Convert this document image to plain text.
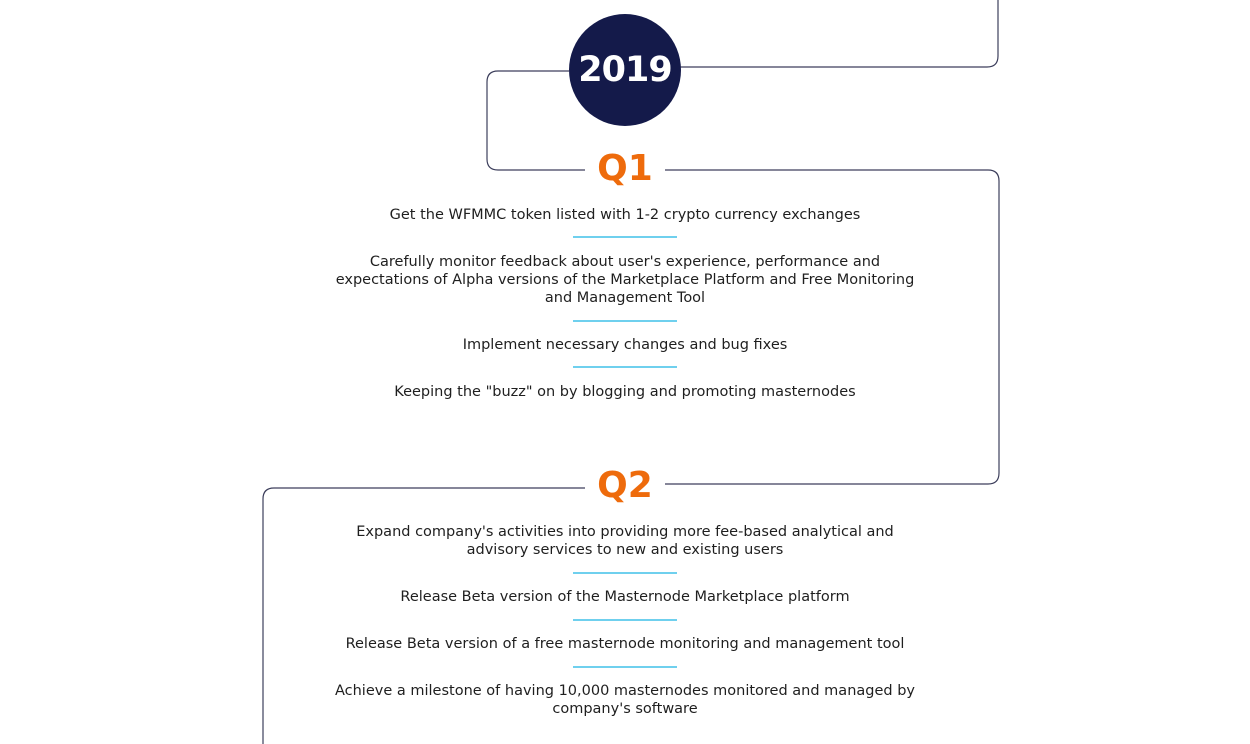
2019
Q1

Get the WFMMC token listed with 1-2 crypto currency exchanges

Carefully monitor feedback about user's experience, performance and expectations of Alpha versions of the Marketplace Platform and Free Monitoring and Management Tool

Implement necessary changes and bug fixes

Keeping the "buzz" on by blogging and promoting masternodes

Q2

Expand company's activities into providing more fee-based analytical and advisory services to new and existing users

Release Beta version of the Masternode Marketplace platform

Release Beta version of a free masternode monitoring and management tool

Achieve a milestone of having 10,000 masternodes monitored and managed by company's software
